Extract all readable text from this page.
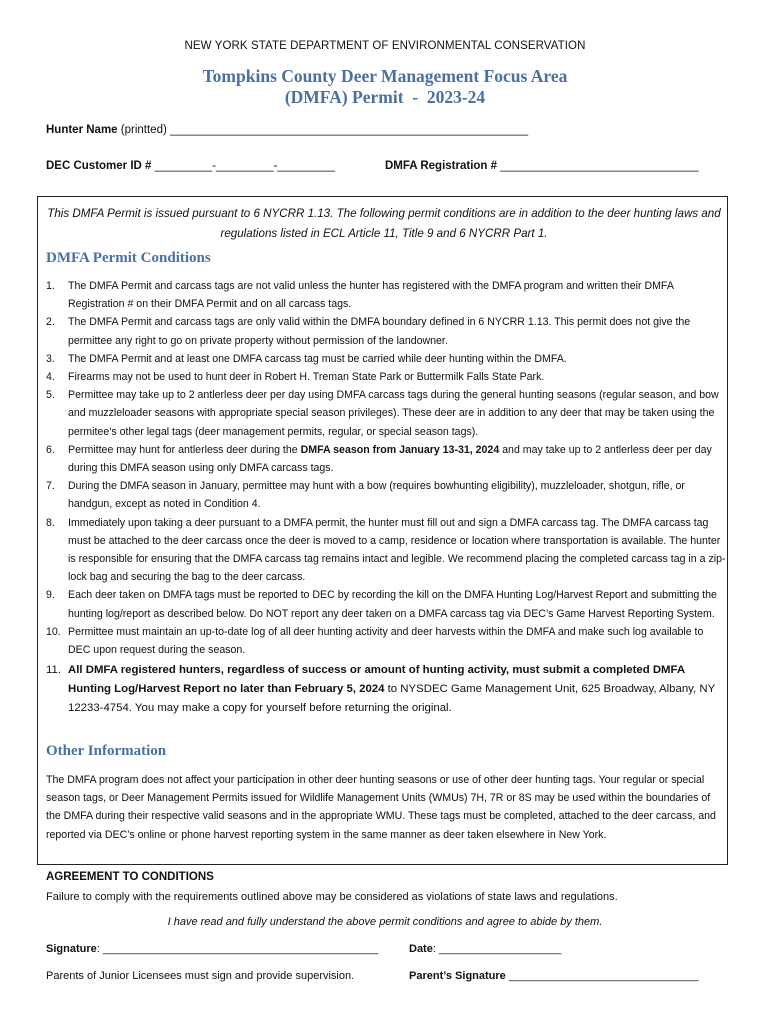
NEW YORK STATE DEPARTMENT OF ENVIRONMENTAL CONSERVATION
Tompkins County Deer Management Focus Area
(DMFA) Permit  -  2023-24
Hunter Name (printted) ________________________________________________________
DEC Customer ID # _________-_________-_________	DMFA Registration # _______________________________
This DMFA Permit is issued pursuant to 6 NYCRR 1.13. The following permit conditions are in addition to the deer hunting laws and regulations listed in ECL Article 11, Title 9 and 6 NYCRR Part 1.
DMFA Permit Conditions
1. The DMFA Permit and carcass tags are not valid unless the hunter has registered with the DMFA program and written their DMFA Registration # on their DMFA Permit and on all carcass tags.
2. The DMFA Permit and carcass tags are only valid within the DMFA boundary defined in 6 NYCRR 1.13. This permit does not give the permittee any right to go on private property without permission of the landowner.
3. The DMFA Permit and at least one DMFA carcass tag must be carried while deer hunting within the DMFA.
4. Firearms may not be used to hunt deer in Robert H. Treman State Park or Buttermilk Falls State Park.
5. Permittee may take up to 2 antlerless deer per day using DMFA carcass tags during the general hunting seasons (regular season, and bow and muzzleloader seasons with appropriate special season privileges). These deer are in addition to any deer that may be taken using the permitee’s other legal tags (deer management permits, regular, or special season tags).
6. Permittee may hunt for antlerless deer during the DMFA season from January 13-31, 2024 and may take up to 2 antlerless deer per day during this DMFA season using only DMFA carcass tags.
7. During the DMFA season in January, permittee may hunt with a bow (requires bowhunting eligibility), muzzleloader, shotgun, rifle, or handgun, except as noted in Condition 4.
8. Immediately upon taking a deer pursuant to a DMFA permit, the hunter must fill out and sign a DMFA carcass tag. The DMFA carcass tag must be attached to the deer carcass once the deer is moved to a camp, residence or location where transportation is available. The hunter is responsible for ensuring that the DMFA carcass tag remains intact and legible. We recommend placing the completed carcass tag in a zip-lock bag and securing the bag to the deer carcass.
9. Each deer taken on DMFA tags must be reported to DEC by recording the kill on the DMFA Hunting Log/Harvest Report and submitting the hunting log/report as described below. Do NOT report any deer taken on a DMFA carcass tag via DEC’s Game Harvest Reporting System.
10. Permittee must maintain an up-to-date log of all deer hunting activity and deer harvests within the DMFA and make such log available to DEC upon request during the season.
11. All DMFA registered hunters, regardless of success or amount of hunting activity, must submit a completed DMFA Hunting Log/Harvest Report no later than February 5, 2024 to NYSDEC Game Management Unit, 625 Broadway, Albany, NY 12233-4754. You may make a copy for yourself before returning the original.
Other Information

The DMFA program does not affect your participation in other deer hunting seasons or use of other deer hunting tags. Your regular or special season tags, or Deer Management Permits issued for Wildlife Management Units (WMUs) 7H, 7R or 8S may be used within the boundaries of the DMFA during their respective valid seasons and in the appropriate WMU. These tags must be completed, attached to the deer carcass, and reported via DEC’s online or phone harvest reporting system in the same manner as deer taken elsewhere in New York.

AGREEMENT TO CONDITIONS
Failure to comply with the requirements outlined above may be considered as violations of state laws and regulations.
I have read and fully understand the above permit conditions and agree to abide by them.
Signature: _____________________________________________	Date: ____________________
Parents of Junior Licensees must sign and provide supervision.	Parent’s Signature _______________________________
